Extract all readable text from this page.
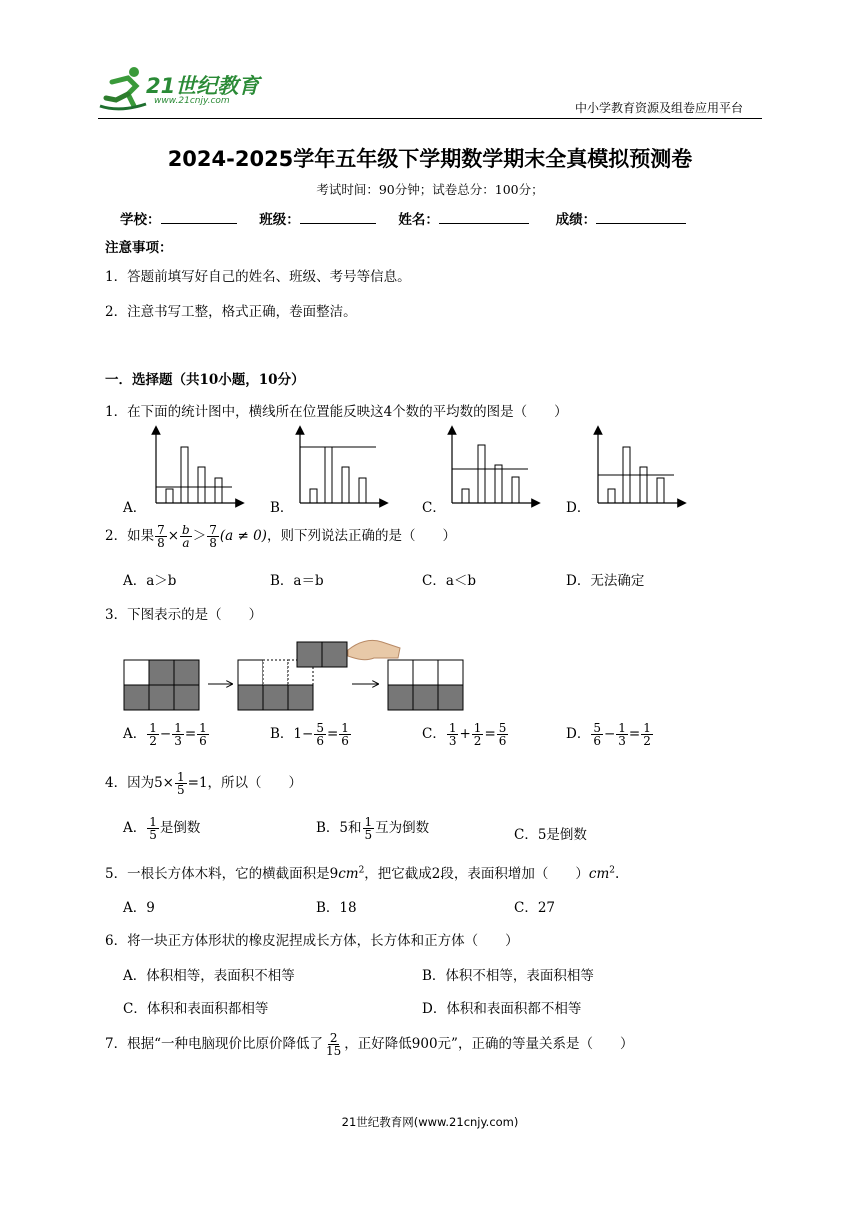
21世纪教育
www.21cnjy.com	中小学教育资源及组卷应用平台
2024-2025学年五年级下学期数学期末全真模拟预测卷
考试时间：90分钟；试卷总分：100分；
学校：	班级：	姓名：	成绩：
注意事项：
1．答题前填写好自己的姓名、班级、考号等信息。
2．注意书写工整，格式正确，卷面整洁。
一．选择题（共10小题，10分）
1．在下面的统计图中，横线所在位置能反映这4个数的平均数的图是（　　）
A．	B．	C．	D．
2．如果 $\frac{7}{8} \times \frac{b}{a} > \frac{7}{8} (a \ne 0)$，则下列说法正确的是（　　）
A．a＞b	B．a＝b	C．a＜b	D．无法确定
3．下图表示的是（　　）
A． $\frac{1}{2} - \frac{1}{3} = \frac{1}{6}$	B．$1- \frac{5}{6} = \frac{1}{6}$	C． $\frac{1}{3} + \frac{1}{2} = \frac{5}{6}$	D． $\frac{5}{6} - \frac{1}{3} = \frac{1}{2}$
4．因为$5\times \frac{1}{5} =1$，所以（　　）
A． $\frac{1}{5}$ 是倒数	B．5和 $\frac{1}{5}$ 互为倒数	C．5是倒数
5．一根长方体木料，它的横截面积是$9cm^2$，把它截成2段，表面积增加（　　）$cm^2$.
A．9	B．18	C．27
6．将一块正方体形状的橡皮泥捏成长方体，长方体和正方体（　　）
A．体积相等，表面积不相等	B．体积不相等，表面积相等
C．体积和表面积都相等	D．体积和表面积都不相等
7．根据“一种电脑现价比原价降低了 $\frac{2}{15}$ ，正好降低900元”，正确的等量关系是（　　）
21世纪教育网(www.21cnjy.com)
